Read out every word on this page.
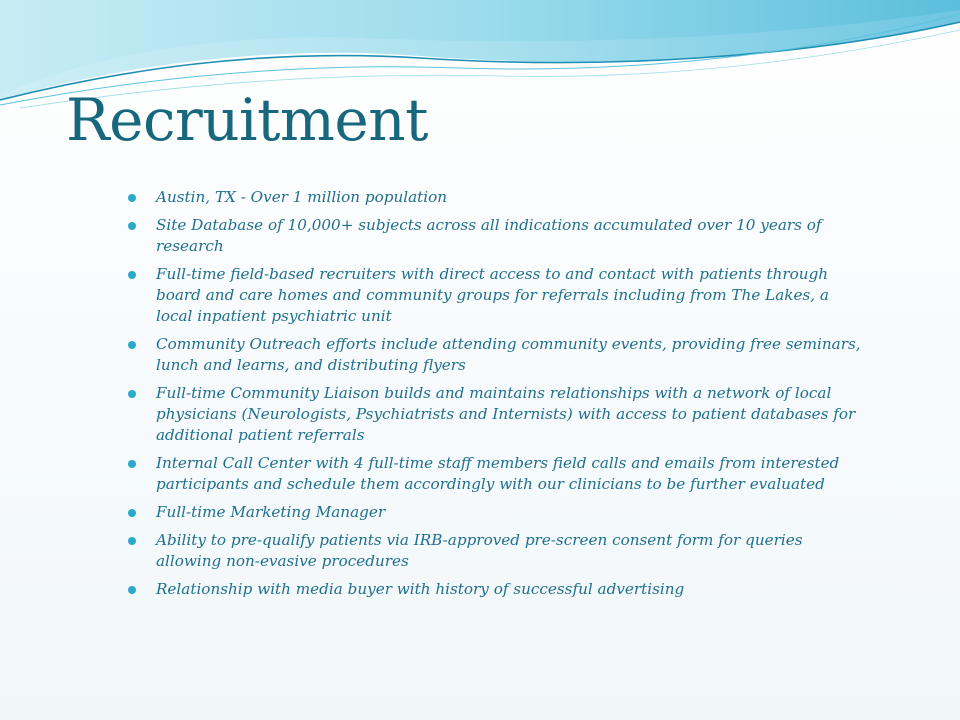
Recruitment
Austin, TX - Over 1 million population
Site Database of 10,000+ subjects across all indications accumulated over 10 years of research
Full-time field-based recruiters with direct access to and contact with patients through board and care homes and community groups for referrals including from The Lakes, a local inpatient psychiatric unit
Community Outreach efforts include attending community events, providing free seminars, lunch and learns, and distributing flyers
Full-time Community Liaison builds and maintains relationships with a network of local physicians (Neurologists, Psychiatrists and Internists) with access to patient databases for additional patient referrals
Internal Call Center with 4 full-time staff members field calls and emails from interested participants and schedule them accordingly with our clinicians to be further evaluated
Full-time Marketing Manager
Ability to pre-qualify patients via IRB-approved pre-screen consent form for queries allowing non-evasive procedures
Relationship with media buyer with history of successful advertising
